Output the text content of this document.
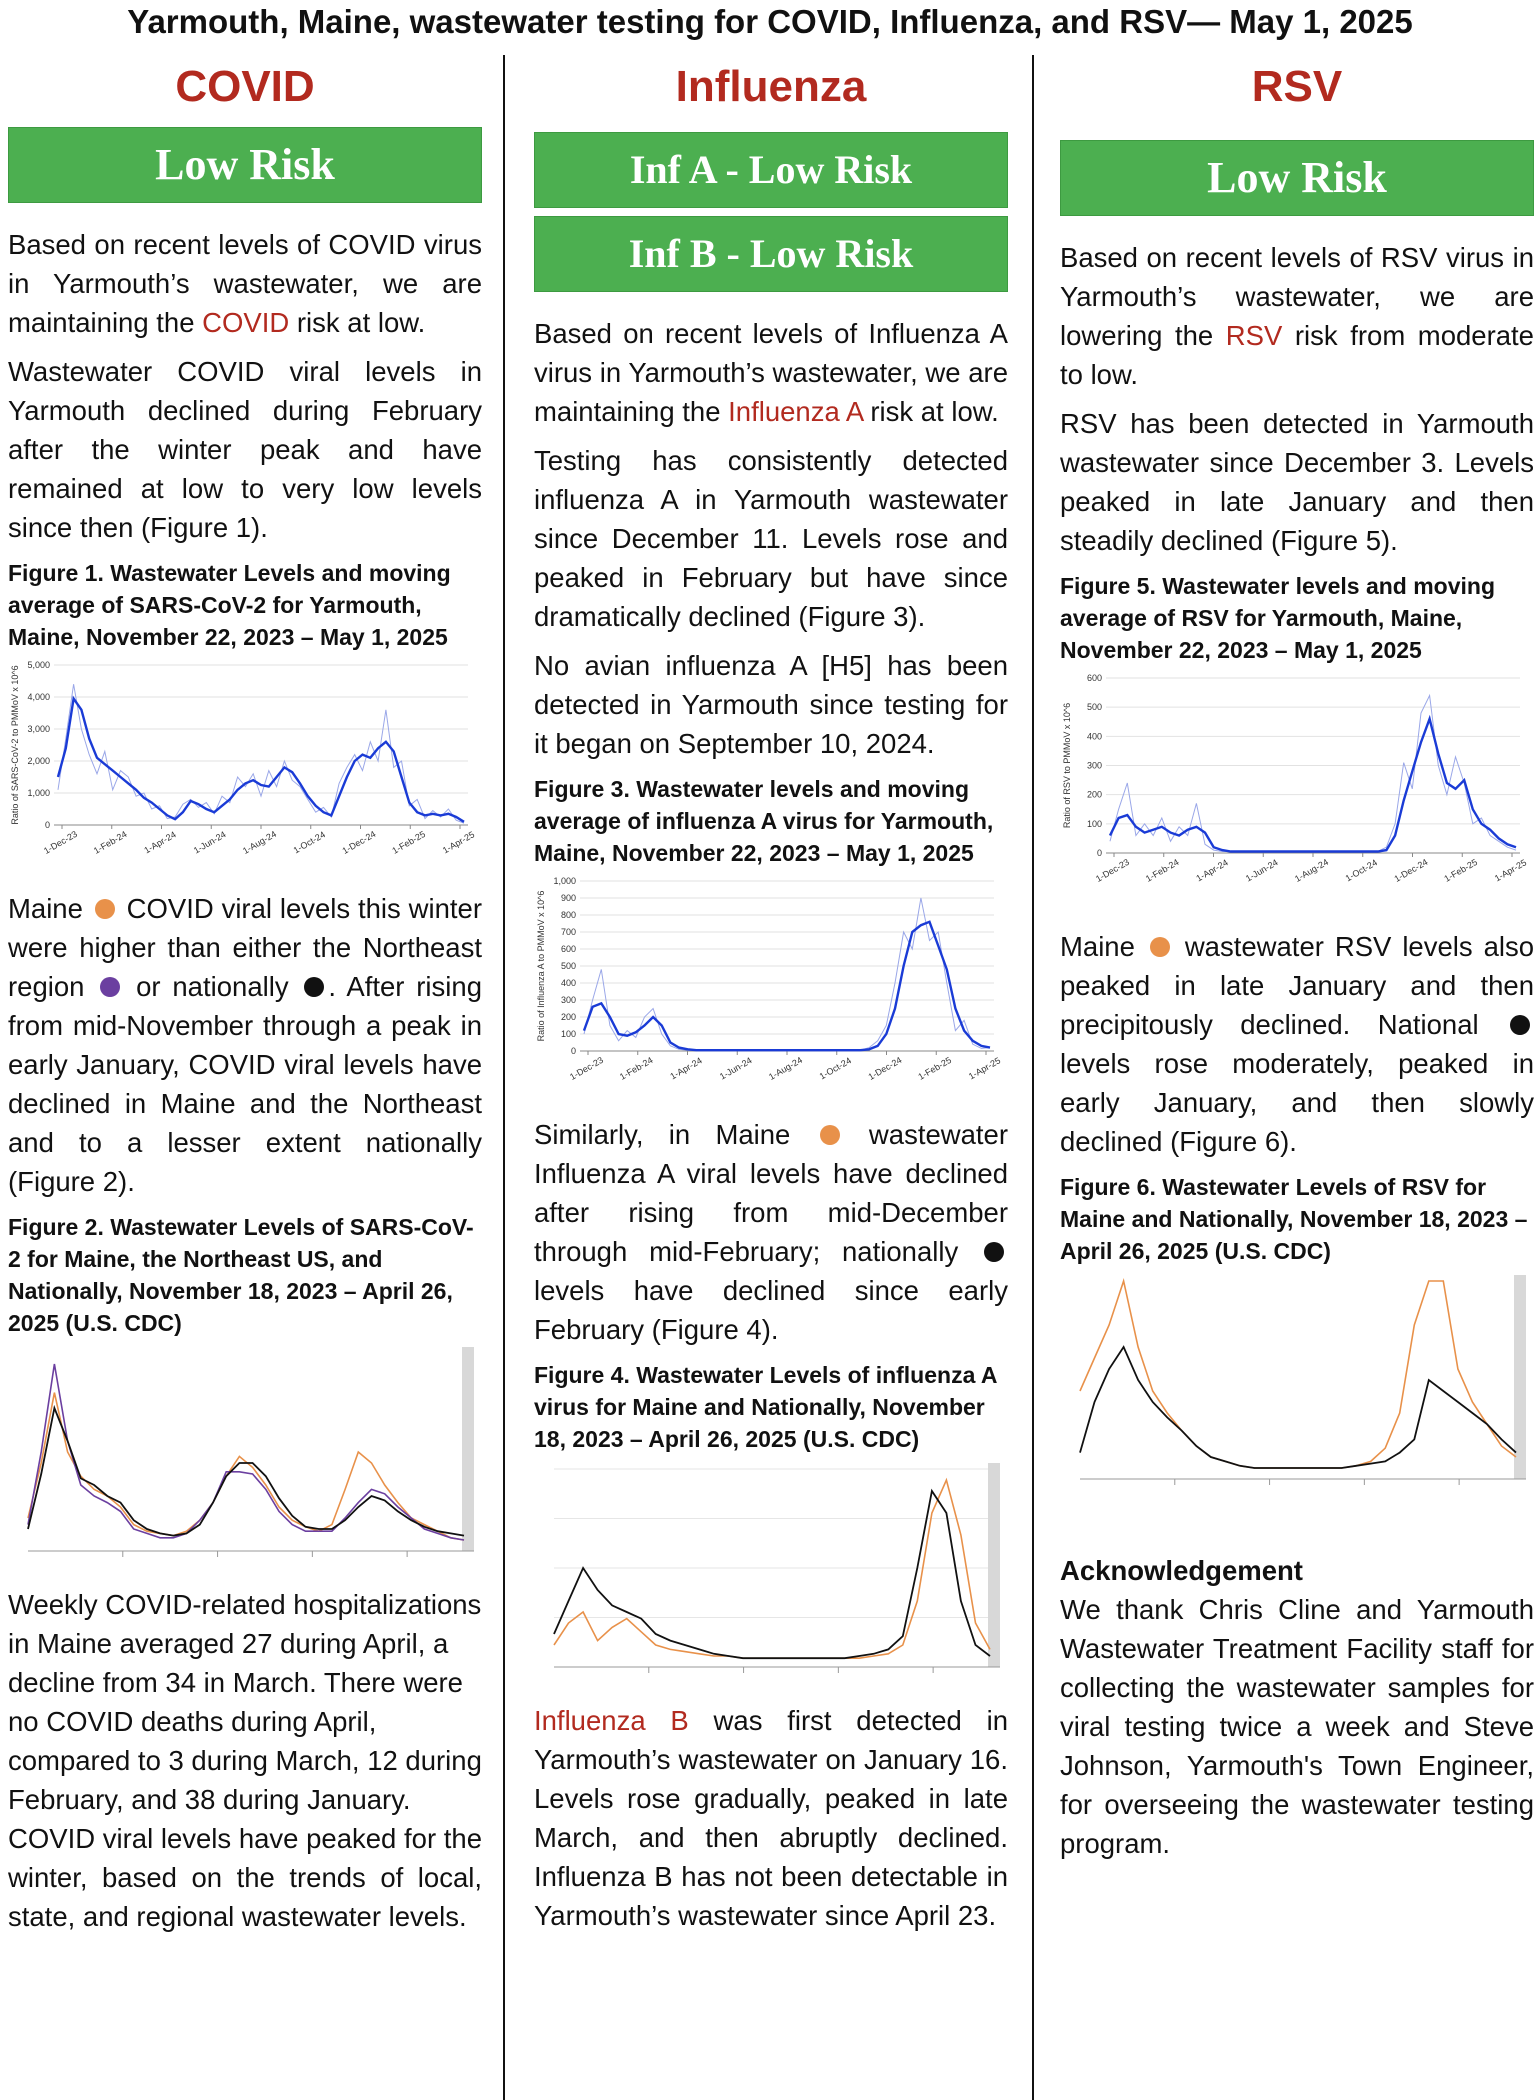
Yarmouth, Maine, wastewater testing for COVID, Influenza, and RSV— May 1, 2025
COVID
Low Risk

Based on recent levels of COVID virus in Yarmouth’s wastewater, we are maintaining the COVID risk at low.

Wastewater COVID viral levels in Yarmouth declined during February after the winter peak and have remained at low to very low levels since then (Figure 1).

Figure 1. Wastewater Levels and moving average of SARS-CoV-2 for Yarmouth, Maine, November 22, 2023 – May 1, 2025

Ratio of SARS-CoV-2 to PMMoV x 10^6
0
1,000
2,000
3,000
4,000
5,000
1-Dec-23 1-Feb-24 1-Apr-24 1-Jun-24 1-Aug-24 1-Oct-24 1-Dec-24 1-Feb-25 1-Apr-25

Maine COVID viral levels this winter were higher than either the Northeast region or nationally . After rising from mid-November through a peak in early January, COVID viral levels have declined in Maine and the Northeast and to a lesser extent nationally (Figure 2).

Figure 2. Wastewater Levels of SARS-CoV-2 for Maine, the Northeast US, and Nationally, November 18, 2023 – April 26, 2025 (U.S. CDC)

Weekly COVID-related hospitalizations in Maine averaged 27 during April, a decline from 34 in March. There were no COVID deaths during April, compared to 3 during March, 12 during February, and 38 during January.

COVID viral levels have peaked for the winter, based on the trends of local, state, and regional wastewater levels.

Influenza
Inf A - Low Risk
Inf B - Low Risk

Based on recent levels of Influenza A virus in Yarmouth’s wastewater, we are maintaining the Influenza A risk at low.

Testing has consistently detected influenza A in Yarmouth wastewater since December 11. Levels rose and peaked in February but have since dramatically declined (Figure 3).

No avian influenza A [H5] has been detected in Yarmouth since testing for it began on September 10, 2024.

Figure 3. Wastewater levels and moving average of influenza A virus for Yarmouth, Maine, November 22, 2023 – May 1, 2025

Ratio of Influenza A to PMMoV x 10^6
0
100
200
300
400
500
600
700
800
900
1,000
1-Dec-23 1-Feb-24 1-Apr-24 1-Jun-24 1-Aug-24 1-Oct-24 1-Dec-24 1-Feb-25 1-Apr-25

Similarly, in Maine	wastewater Influenza A viral levels have declined after rising from mid-December through mid-February; nationally  levels have declined since early February (Figure 4).

Figure 4. Wastewater Levels of influenza A virus for Maine and Nationally, November 18, 2023 – April 26, 2025 (U.S. CDC)

Influenza B was first detected in Yarmouth’s wastewater on January 16. Levels rose gradually, peaked in late March, and then abruptly declined. Influenza B has not been detectable in Yarmouth’s wastewater since April 23.

RSV
Low Risk

Based on recent levels of RSV virus in Yarmouth’s wastewater, we are lowering the RSV risk from moderate to low.

RSV has been detected in Yarmouth wastewater since December 3. Levels peaked in late January and then steadily declined (Figure 5).

Figure 5. Wastewater levels and moving average of RSV for Yarmouth, Maine, November 22, 2023 – May 1, 2025

Ratio of RSV to PMMoV x 10^6
0
100
200
300
400
500
600
1-Dec-23 1-Feb-24 1-Apr-24 1-Jun-24 1-Aug-24 1-Oct-24 1-Dec-24 1-Feb-25 1-Apr-25

Maine wastewater RSV levels also peaked in late January and then precipitously declined. National  levels rose moderately, peaked in early January, and then slowly declined (Figure 6).

Figure 6. Wastewater Levels of RSV for Maine and Nationally, November 18, 2023 – April 26, 2025 (U.S. CDC)

Acknowledgement

We thank Chris Cline and Yarmouth Wastewater Treatment Facility staff for collecting the wastewater samples for viral testing twice a week and Steve Johnson, Yarmouth's Town Engineer, for overseeing the wastewater testing program.
